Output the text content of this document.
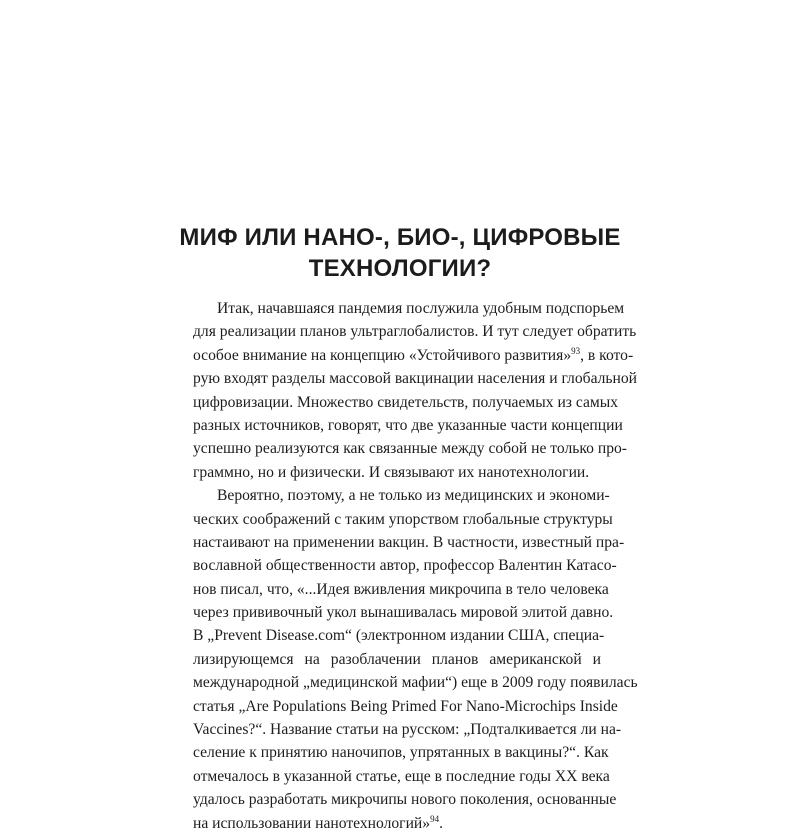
МИФ ИЛИ НАНО-, БИО-, ЦИФРОВЫЕ
ТЕХНОЛОГИИ?
Итак, начавшаяся пандемия послужила удобным подспорьем
для реализации планов ультраглобалистов. И тут следует обратить
особое внимание на концепцию «Устойчивого развития»$^{93}$, в кото-
рую входят разделы массовой вакцинации населения и глобальной
цифровизации. Множество свидетельств, получаемых из самых
разных источников, говорят, что две указанные части концепции
успешно реализуются как связанные между собой не только про-
граммно, но и физически. И связывают их нанотехнологии.
Вероятно, поэтому, а не только из медицинских и экономи-
ческих соображений с таким упорством глобальные структуры
настаивают на применении вакцин. В частности, известный пра-
вославной общественности автор, профессор Валентин Катасо-
нов писал, что, «...Идея вживления микрочипа в тело человека
через прививочный укол вынашивалась мировой элитой давно.
В „Prevent Disease.com“ (электронном издании США, специа-
лизирующемся на разоблачении планов американской и
международной „медицинской мафии“) еще в 2009 году появилась
статья „Are Populations Being Primed For Nano-Microchips Inside
Vaccines?“. Название статьи на русском: „Подталкивается ли на-
селение к принятию наночипов, упрятанных в вакцины?“. Как
отмечалось в указанной статье, еще в последние годы XX века
удалось разработать микрочипы нового поколения, основанные
на использовании нанотехнологий»$^{94}$.
